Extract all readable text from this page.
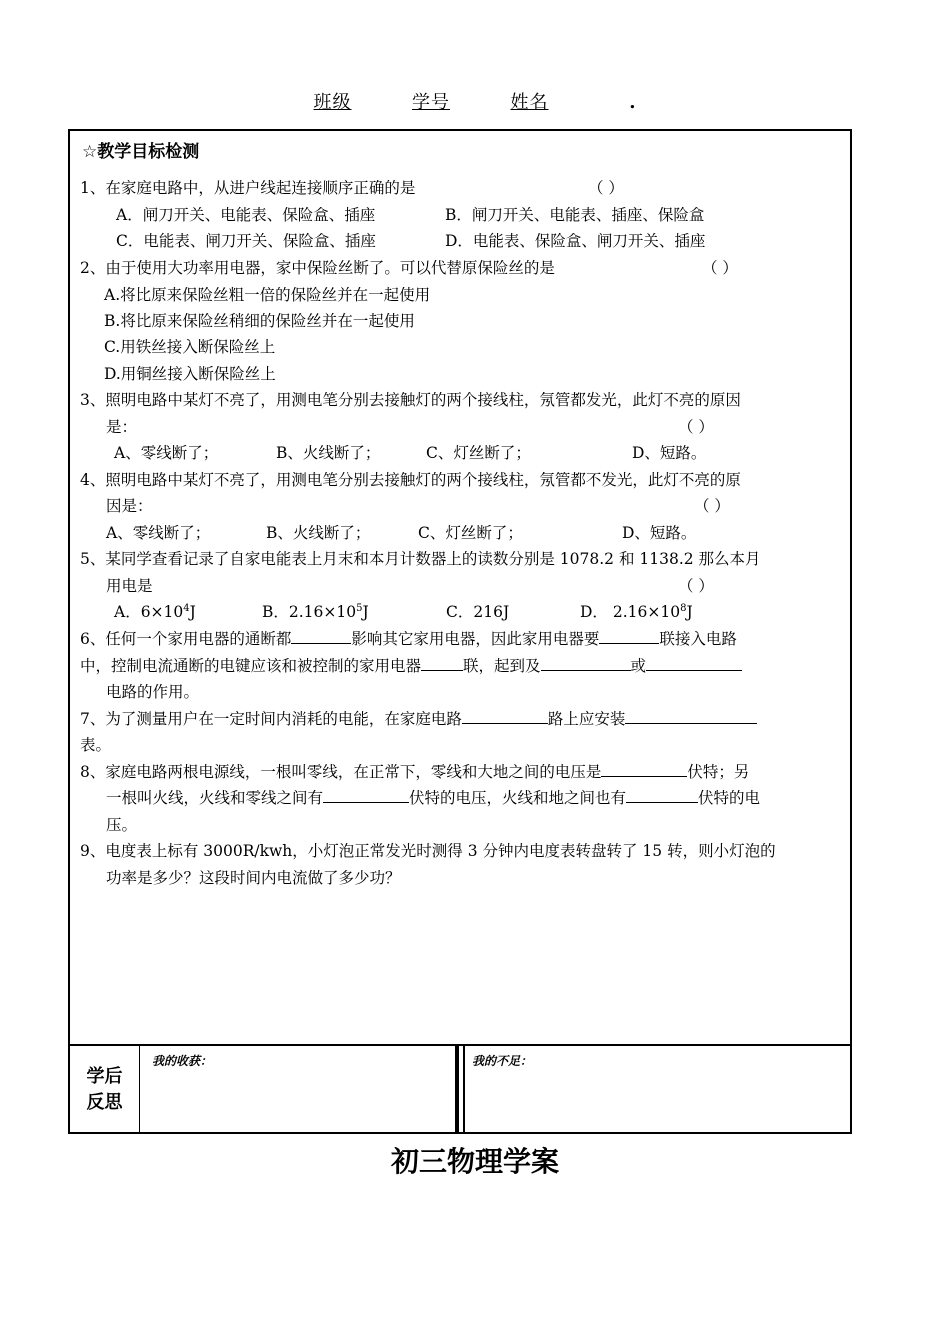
班级	学号	姓名	.
☆教学目标检测
1、在家庭电路中，从进户线起连接顺序正确的是	（ ）
A．闸刀开关、电能表、保险盒、插座	B．闸刀开关、电能表、插座、保险盒
C．电能表、闸刀开关、保险盒、插座	D．电能表、保险盒、闸刀开关、插座
2、由于使用大功率用电器，家中保险丝断了。可以代替原保险丝的是	（ ）
A.将比原来保险丝粗一倍的保险丝并在一起使用
B.将比原来保险丝稍细的保险丝并在一起使用
C.用铁丝接入断保险丝上
D.用铜丝接入断保险丝上
3、照明电路中某灯不亮了，用测电笔分别去接触灯的两个接线柱，氖管都发光，此灯不亮的原因
是：	（ ）
A、零线断了；	B、火线断了；	C、灯丝断了；	D、短路。
4、照明电路中某灯不亮了，用测电笔分别去接触灯的两个接线柱，氖管都不发光，此灯不亮的原
因是：	（ ）
A、零线断了；	B、火线断了；	C、灯丝断了；	D、短路。
5、某同学查看记录了自家电能表上月末和本月计数器上的读数分别是 1078.2 和 1138.2 那么本月
用电是	（ ）
A．$6\times 10^4J$	B．$2.16\times 10^5J$	C．216J	D． $2.16\times 10^8J$
6、任何一个家用电器的通断都	影响其它家用电器，因此家用电器要	联接入电路
中，控制电流通断的电键应该和被控制的家用电器	联，起到及	或
电路的作用。
7、为了测量用户在一定时间内消耗的电能，在家庭电路	路上应安装
表。
8、家庭电路两根电源线，一根叫零线，在正常下，零线和大地之间的电压是	伏特；另
一根叫火线，火线和零线之间有	伏特的电压，火线和地之间也有	伏特的电
压。
9、电度表上标有 3000R/kwh，小灯泡正常发光时测得 3 分钟内电度表转盘转了 15 转，则小灯泡的
功率是多少？这段时间内电流做了多少功？
学后
反思
我的收获：	我的不足：
初三物理学案
